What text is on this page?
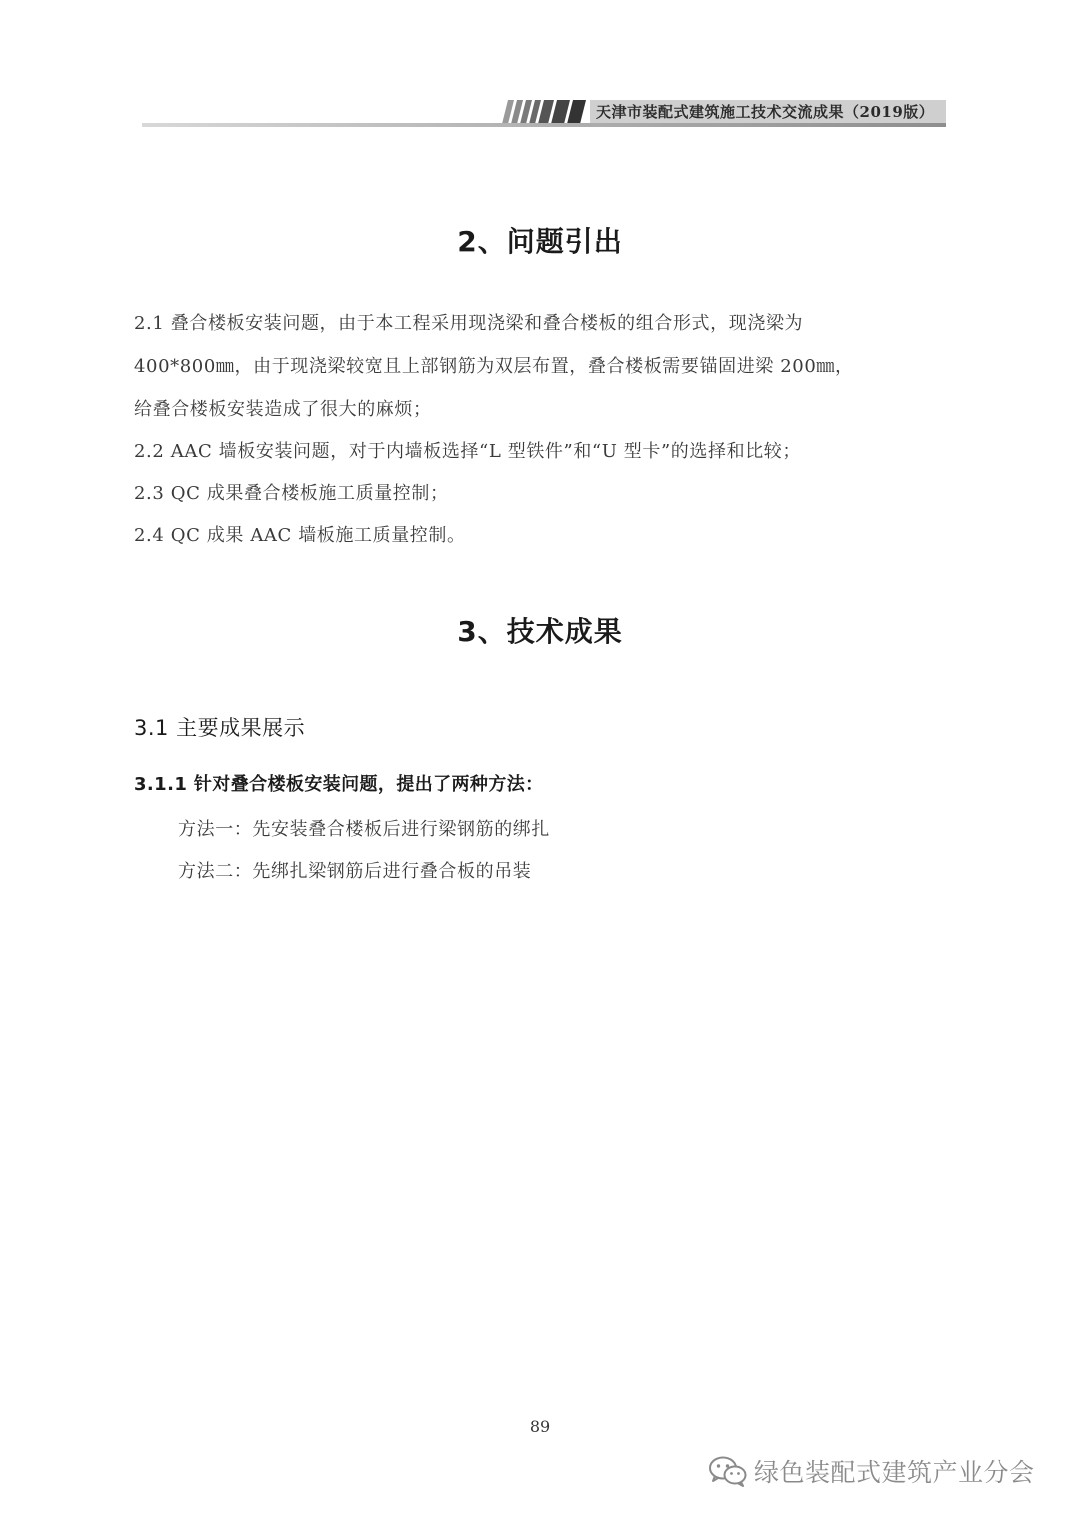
天津市装配式建筑施工技术交流成果（2019版）
2、问题引出
2.1 叠合楼板安装问题，由于本工程采用现浇梁和叠合楼板的组合形式，现浇梁为
400*800㎜，由于现浇梁较宽且上部钢筋为双层布置，叠合楼板需要锚固进梁 200㎜，
给叠合楼板安装造成了很大的麻烦；
2.2 AAC 墙板安装问题，对于内墙板选择“L 型铁件”和“U 型卡”的选择和比较；
2.3 QC 成果叠合楼板施工质量控制；
2.4 QC 成果 AAC 墙板施工质量控制。
3、技术成果
3.1 主要成果展示
3.1.1 针对叠合楼板安装问题，提出了两种方法：
方法一：先安装叠合楼板后进行梁钢筋的绑扎
方法二：先绑扎梁钢筋后进行叠合板的吊装
89
绿色装配式建筑产业分会
